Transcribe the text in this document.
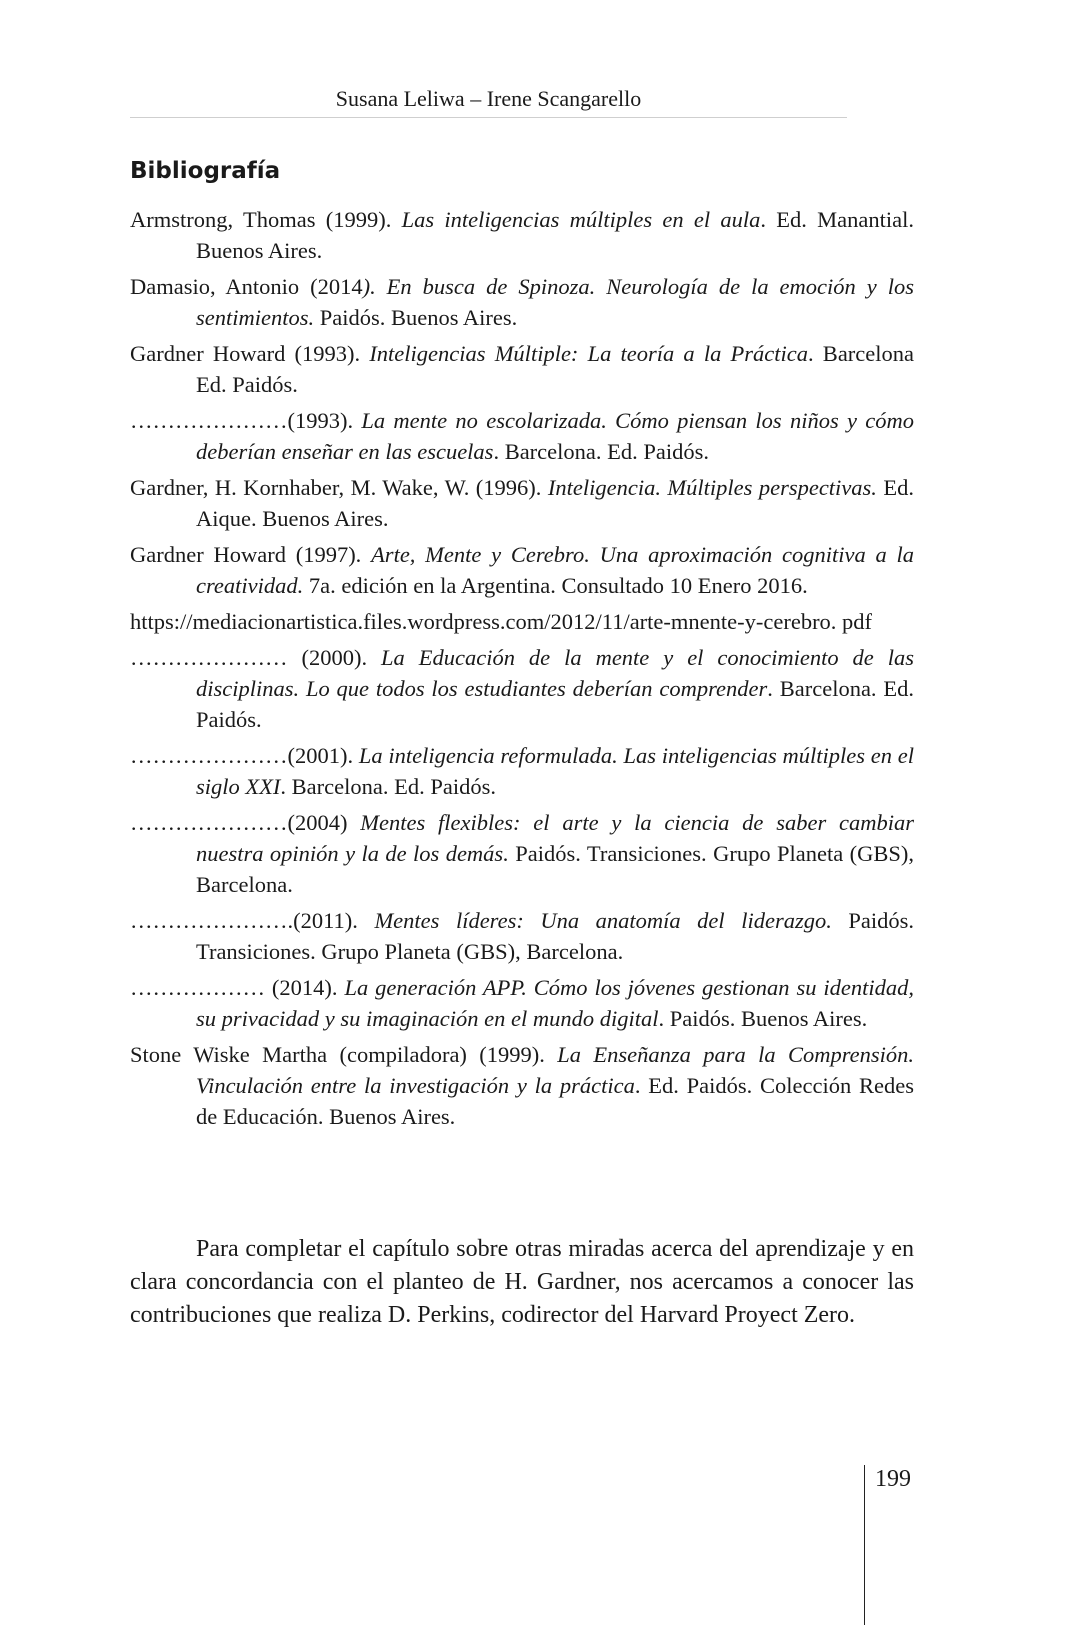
Susana Leliwa – Irene Scangarello
Bibliografía
Armstrong, Thomas (1999). Las inteligencias múltiples en el aula. Ed. Manantial. Buenos Aires.
Damasio, Antonio (2014). En busca de Spinoza. Neurología de la emoción y los sentimientos. Paidós. Buenos Aires.
Gardner Howard (1993). Inteligencias Múltiple: La teoría a la Práctica. Barcelona Ed. Paidós.
…………………(1993). La mente no escolarizada. Cómo piensan los niños y cómo deberían enseñar en las escuelas. Barcelona. Ed. Paidós.
Gardner, H. Kornhaber, M. Wake, W. (1996). Inteligencia. Múltiples perspectivas. Ed. Aique. Buenos Aires.
Gardner Howard (1997). Arte, Mente y Cerebro. Una aproximación cognitiva a la creatividad. 7a. edición en la Argentina. Consultado 10 Enero 2016.
https://mediacionartistica.files.wordpress.com/2012/11/arte-mnente-y-cerebro. pdf
………………… (2000). La Educación de la mente y el conocimiento de las disciplinas. Lo que todos los estudiantes deberían comprender. Barcelona. Ed. Paidós.
…………………(2001). La inteligencia reformulada. Las inteligencias múltiples en el siglo XXI. Barcelona. Ed. Paidós.
…………………(2004) Mentes flexibles: el arte y la ciencia de saber cambiar nuestra opinión y la de los demás. Paidós. Transiciones. Grupo Planeta (GBS), Barcelona.
………………….(2011). Mentes líderes: Una anatomía del liderazgo. Paidós. Transiciones. Grupo Planeta (GBS), Barcelona.
……………… (2014). La generación APP. Cómo los jóvenes gestionan su identidad, su privacidad y su imaginación en el mundo digital. Paidós. Buenos Aires.
Stone Wiske Martha (compiladora) (1999). La Enseñanza para la Comprensión. Vinculación entre la investigación y la práctica. Ed. Paidós. Colección Redes de Educación. Buenos Aires.
Para completar el capítulo sobre otras miradas acerca del aprendizaje y en clara concordancia con el planteo de H. Gardner, nos acercamos a conocer las contribuciones que realiza D. Perkins, codirector del Harvard Proyect Zero.
199
